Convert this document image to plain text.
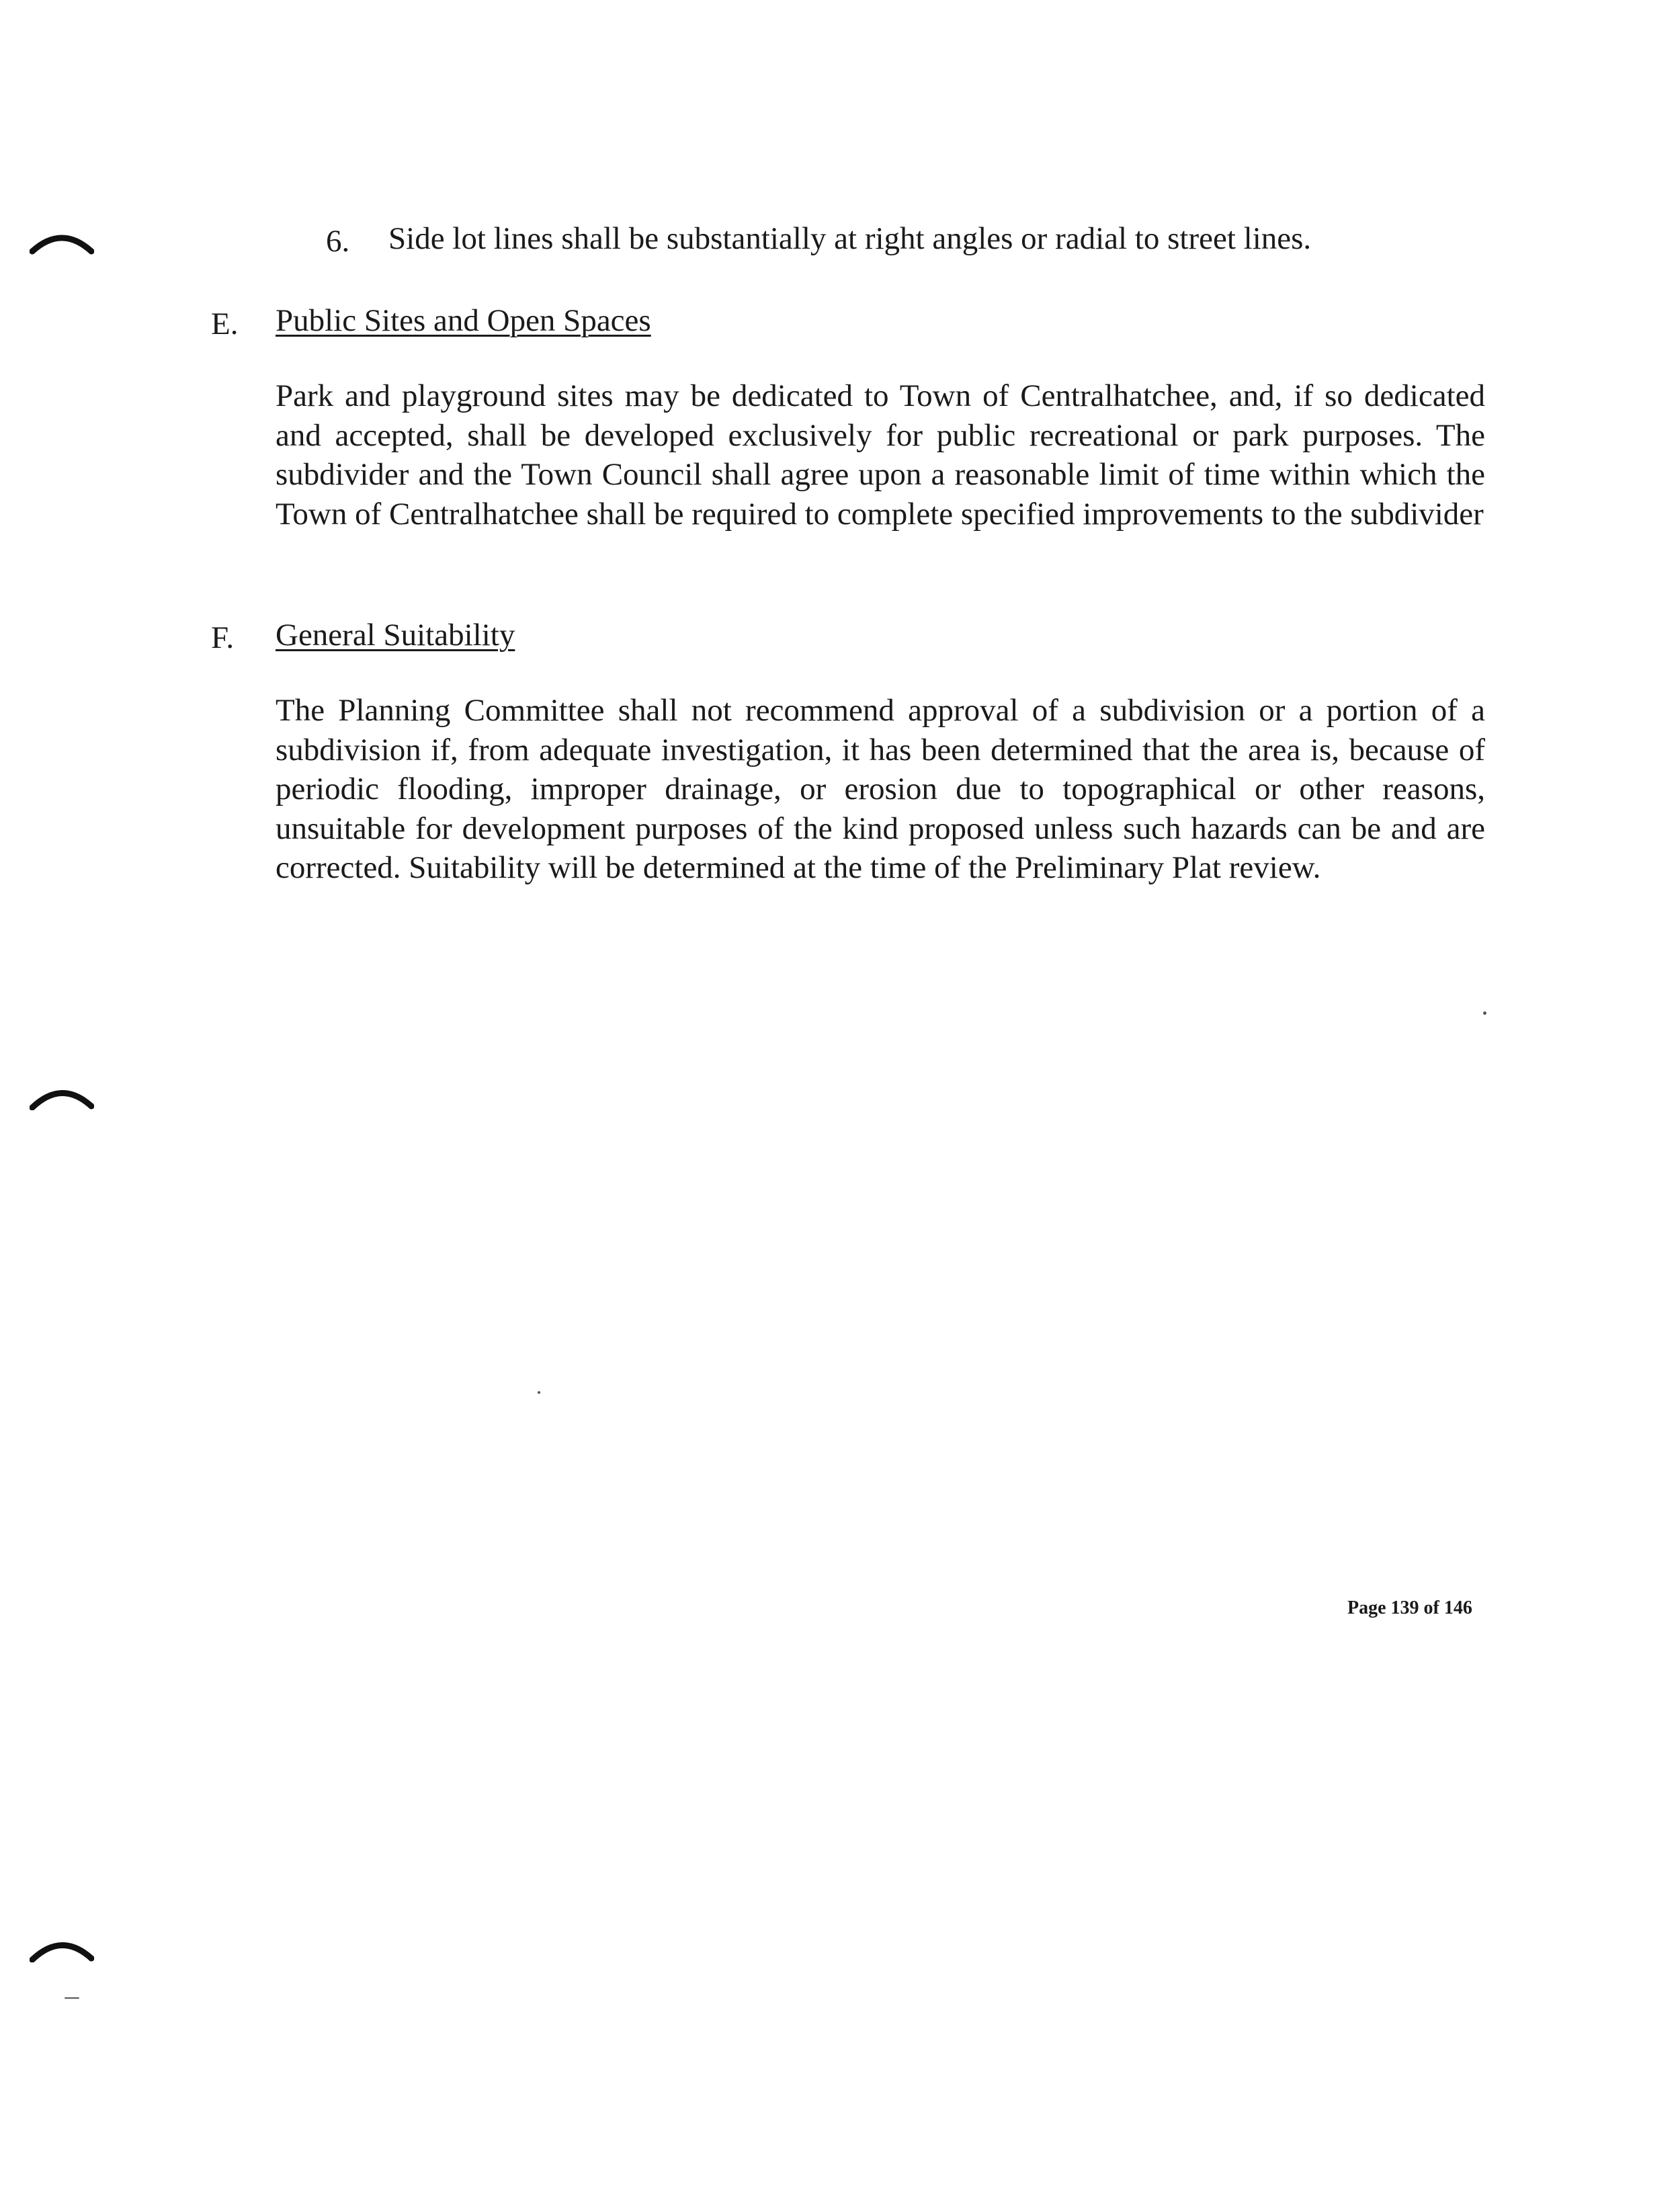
6. Side lot lines shall be substantially at right angles or radial to street lines.
E. Public Sites and Open Spaces
Park and playground sites may be dedicated to Town of Centralhatchee, and, if so dedicated and accepted, shall be developed exclusively for public recreational or park purposes. The subdivider and the Town Council shall agree upon a reasonable limit of time within which the Town of Centralhatchee shall be required to complete specified improvements to the subdivider
F. General Suitability
The Planning Committee shall not recommend approval of a subdivision or a portion of a subdivision if, from adequate investigation, it has been determined that the area is, because of periodic flooding, improper drainage, or erosion due to topographical or other reasons, unsuitable for development purposes of the kind proposed unless such hazards can be and are corrected. Suitability will be determined at the time of the Preliminary Plat review.
Page 139 of 146
